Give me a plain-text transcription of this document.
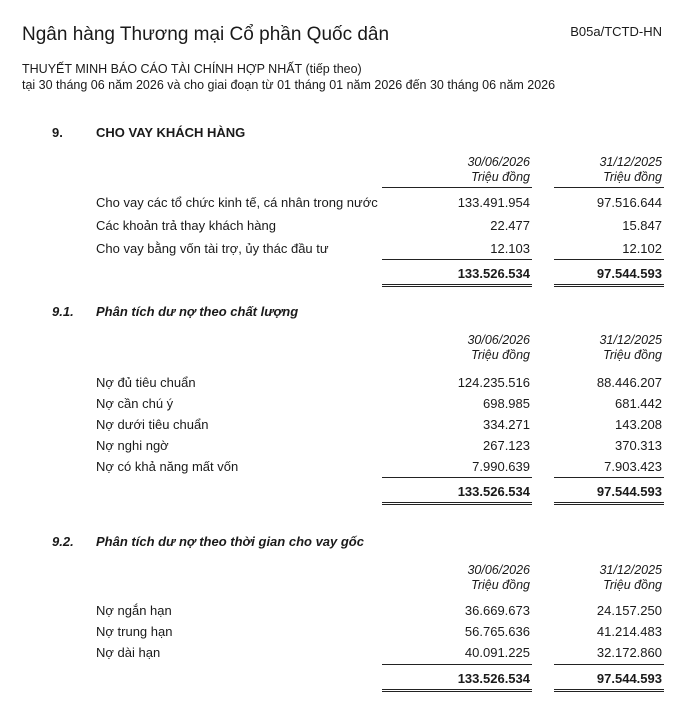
Ngân hàng Thương mại Cổ phần Quốc dân	B05a/TCTD-HN
THUYẾT MINH BÁO CÁO TÀI CHÍNH HỢP NHẤT (tiếp theo)
tại 30 tháng 06 năm 2026 và cho giai đoạn từ 01 tháng 01 năm 2026 đến 30 tháng 06 năm 2026
9.	CHO VAY KHÁCH HÀNG
30/06/2026
Triệu đồng
31/12/2025
Triệu đồng
Cho vay các tổ chức kinh tế, cá nhân trong nước	133.491.954	97.516.644
Các khoản trả thay khách hàng	22.477	15.847
Cho vay bằng vốn tài trợ, ủy thác đầu tư	12.103	12.102
133.526.534	97.544.593
9.1. Phân tích dư nợ theo chất lượng
30/06/2026
Triệu đồng
31/12/2025
Triệu đồng
Nợ đủ tiêu chuẩn	124.235.516	88.446.207
Nợ cần chú ý	698.985	681.442
Nợ dưới tiêu chuẩn	334.271	143.208
Nợ nghi ngờ	267.123	370.313
Nợ có khả năng mất vốn	7.990.639	7.903.423
133.526.534	97.544.593
9.2. Phân tích dư nợ theo thời gian cho vay gốc
30/06/2026
Triệu đồng
31/12/2025
Triệu đồng
Nợ ngắn hạn	36.669.673	24.157.250
Nợ trung hạn	56.765.636	41.214.483
Nợ dài hạn	40.091.225	32.172.860
133.526.534	97.544.593
